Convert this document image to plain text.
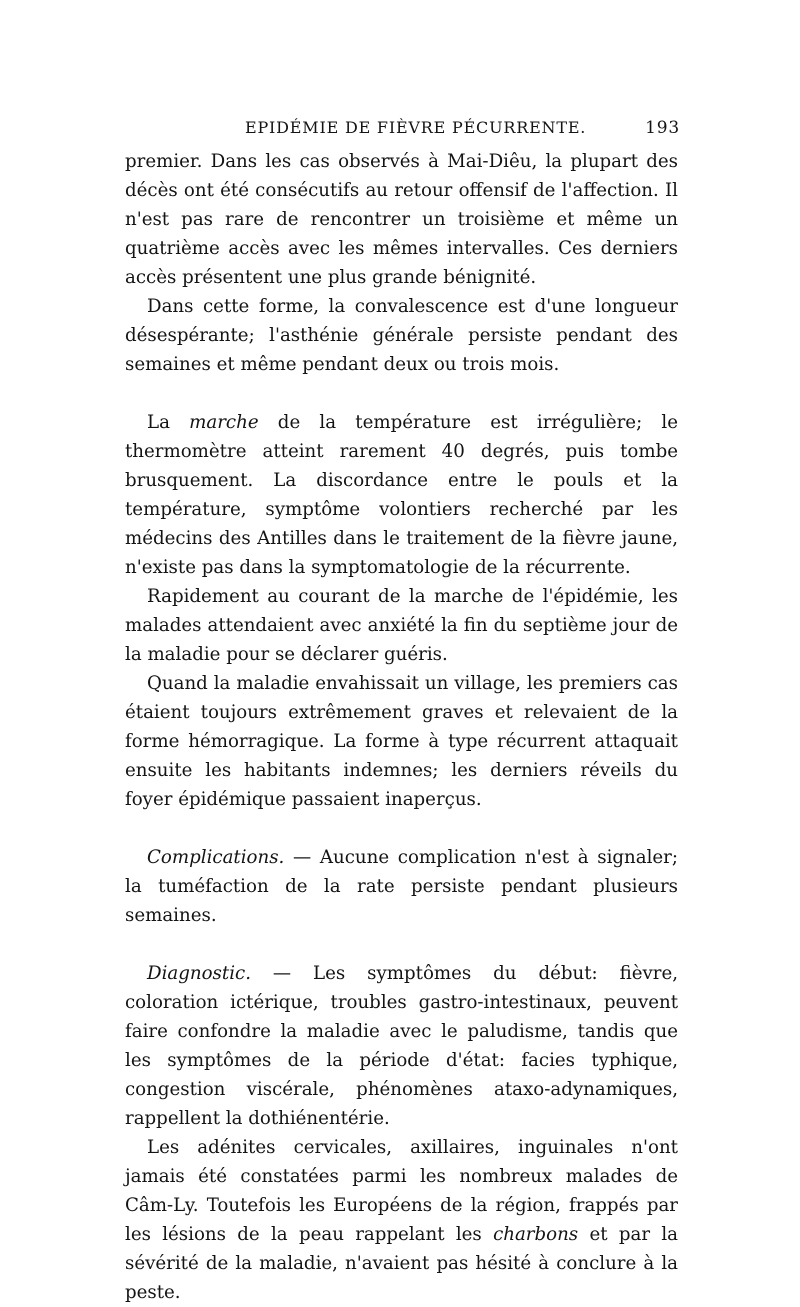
EPIDÉMIE DE FIÈVRE PÉCURRENTE.	193

premier. Dans les cas observés à Mai-Diêu, la plupart des décès ont été consécutifs au retour offensif de l'affection. Il n'est pas rare de rencontrer un troisième et même un quatrième accès avec les mêmes intervalles. Ces derniers accès présentent une plus grande bénignité.

Dans cette forme, la convalescence est d'une longueur désespérante; l'asthénie générale persiste pendant des semaines et même pendant deux ou trois mois.

La marche de la température est irrégulière; le thermomètre atteint rarement 40 degrés, puis tombe brusquement. La discordance entre le pouls et la température, symptôme volontiers recherché par les médecins des Antilles dans le traitement de la fièvre jaune, n'existe pas dans la symptomatologie de la récurrente.

Rapidement au courant de la marche de l'épidémie, les malades attendaient avec anxiété la fin du septième jour de la maladie pour se déclarer guéris.

Quand la maladie envahissait un village, les premiers cas étaient toujours extrêmement graves et relevaient de la forme hémorragique. La forme à type récurrent attaquait ensuite les habitants indemnes; les derniers réveils du foyer épidémique passaient inaperçus.

Complications. — Aucune complication n'est à signaler; la tuméfaction de la rate persiste pendant plusieurs semaines.

Diagnostic. — Les symptômes du début: fièvre, coloration ictérique, troubles gastro-intestinaux, peuvent faire confondre la maladie avec le paludisme, tandis que les symptômes de la période d'état: facies typhique, congestion viscérale, phénomènes ataxo-adynamiques, rappellent la dothiénentérie.

Les adénites cervicales, axillaires, inguinales n'ont jamais été constatées parmi les nombreux malades de Câm-Ly. Toutefois les Européens de la région, frappés par les lésions de la peau rappelant les charbons et par la sévérité de la maladie, n'avaient pas hésité à conclure à la peste.
